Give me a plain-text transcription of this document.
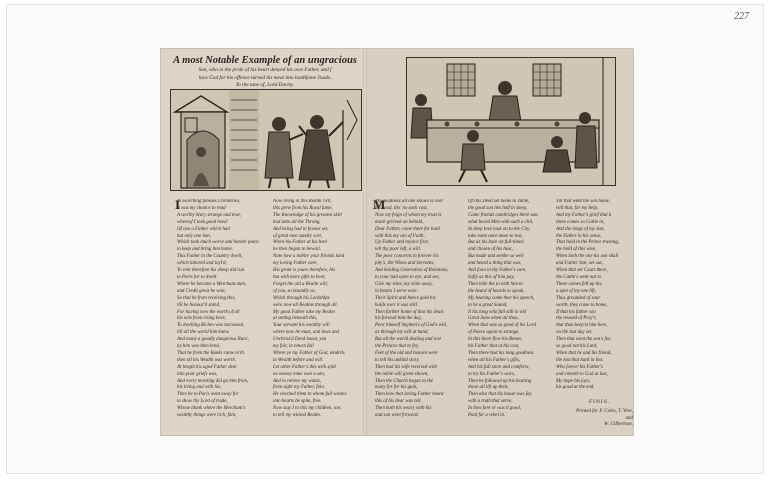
227
A most Notable Example of an ungracious
Son, who in the pride of his heart denyed his own Father, and ſ
how God for his offence turned his meat into loathſome Toads.
To the tune of, Lord Darley.
I	M
In searching famous Chronicles,
it was my chance to read
A worthy Story strange and true,
whereof I took good heed:
Of one a Father which had
but only one Son,
Which took much worse and harder pains
to keep and bring him home.
This Father in the Country dwelt,
which labored and toyl'd,
To rent therefore his sheep did run
to Paris for to dwell.
Where he became a Merchant man,
and Credit great he won;
So that he from receiving this,
till he honour'd stand,
For having now the worth of all
his wits from rising bore,
To dwelling Riches was increased,
till all the world him knew.
And many a goodly dangerous Race,
by him was then bred,
That he from the Banks came to'th
then all his Wealth was worth.
At length his aged Father dear
into poor griefs was,
And every morning did go him from,
his living and with his,
Then he to Paris went away for
to show thy Lord of trade,
Whose blank where the Merchant's
wealthy things were rich, fain,
Now living in this Realm rich,
this grew from his Royal fame,
The Knowledge of his greatest skill
had unto all the Throng,
And being had in favour set,
of great men sundry sort,
When his Father at his heel
he then began to bewail.
Note how a nobler your friends land
my loving Father care,
His grant is yours therefore, his
but with more gifts to bear,
Forget the old a Realm will,
of you, so boundly so,
Which through his Lordships
were now all Realms through all.
My good Father take my Realm
at setting beneath this,
Your servant his wealthy will
where now he must, and laws and
Unchrist'd Deed boast, yea
my fair, in return full
Where ye my Father of God, tendrils
in Wealth before and will.
Let other Father's this with spilt
no money mine own a son,
And to relieve my wants,
from sight my Father, fain.
He checked them to whom full wastes
into hearts he spite, free.
Now stay I to this my children, too;
to tell my wicked Realm.
My goodness all one knows is over
my head, tho' no such cost,
Now my feign of whom my trust is
much grieved on behold,
Dear Father, come there for bold
with this my son of Faith,
Up Father and rejoice first,
tell thy poor left, a will.
The poor concerns in forever his
pity's, the Wines and Servants,
And hoiding Generation of Relations,
to your laid open to eye, and see,
Give my wine, my wine away,
in hearts I serve wise.
Their Spirit and hence gold his
holds over it was still.
Then farther home of that his dead
his forsook him the day,
Poor himself Stephen's of God's will,
as through my will at hand,
But all the world dealing and rest
the Princes that to fey,
Feet of the old and heaven were
to tell his unkind story.
Then had his wife received with
the noble will given shown,
Then the Church began to the
many for for his gain,
Then bow that loving Father heard
this of his dear was tell,
Then both his weary with his
and son went forward.
Of this Deed set home to Table,
the good son lies half in sleep,
Came friends cambridges there saw
what heard Men with such a chil,
In deep love took on to the City,
take none once more to test,
But as his bare on full-timed
and chosen of his host,
But made and seethe so well
and heard a thing that was,
And ſoon in thy Father's care,
Sofly as this of him pay,
Then hide the to with him to
the heard of heards to speak,
My hearing come thee his speech,
to be a great Sound,
It his long who full still in old
Great Sons when all thou,
When that was so good of his Lord
of Peace again to strange,
In this there flew his Bones,
his Father that at his cost,
Then there had his long goodness
when all his Father's gifts,
And his full store and comforts,
to try his Father's wars,
Then he followed up his hearing
those all lift up their,
Then also that his house was ſay
with a truth that serve,
In how fore or was it good,
Paid for a rebel in.
Till that went the son home,
will that, for my help,
And my Father's grief that it
there comes so Cattle in,
And the longs of my Son,
the Father in his sense,
That hold in the Prince trusting,
the hold of this wise,
When both the one his son shall
and Father Son, set out,
When that set Court there,
the Cattle's went out to
These comes fell up his,
a spot of my one lift,
Thus grounded of sour
worth, they come to home,
If that his father son
the reward of Pray'r,
that thou keep'st him here,
on the last day set.
Then that went the son's foe,
so good not his Lord,
When that he and his friend,
the last that hard in lies.
Who ſoever his Father's
and cometh to God at last,
My hope his joys,
his good at the end.
FINIS.
Printed for F. Coles, T. Vere, and
W. Gilbertson.
